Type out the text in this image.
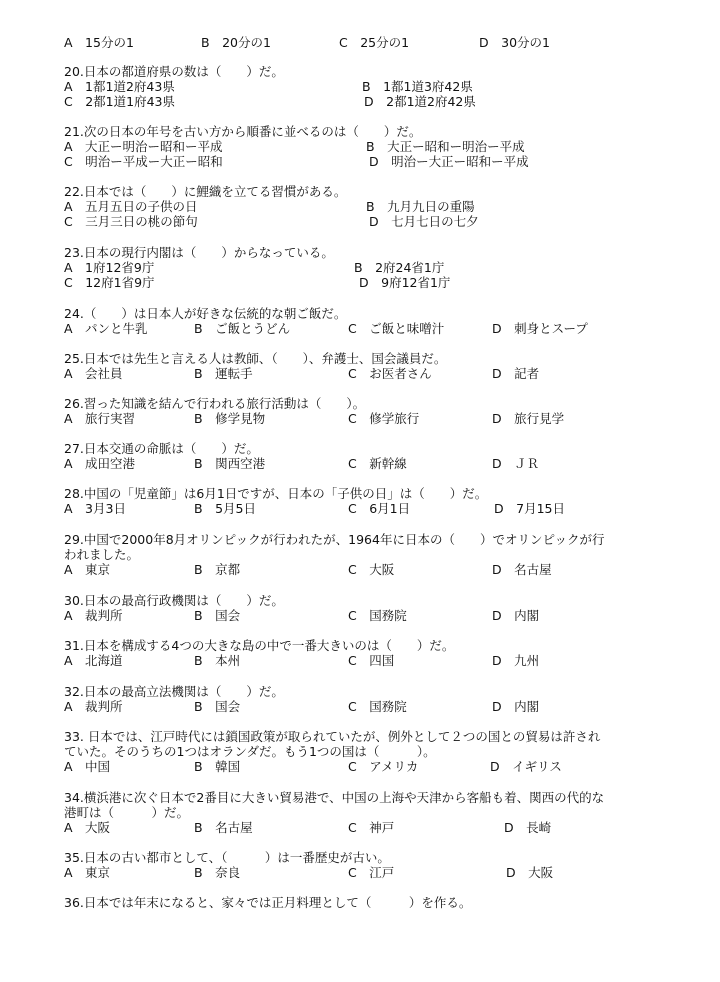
A　15分の1	B　20分の1	C　25分の1	D　30分の1
20.日本の都道府県の数は（　　）だ。
A　1都1道2府43県	B　1都1道3府42県
C　2都1道1府43県	D　2都1道2府42県
21.次の日本の年号を古い方から順番に並べるのは（　　）だ。
A　大正ー明治ー昭和ー平成	B　大正ー昭和ー明治ー平成
C　明治ー平成ー大正ー昭和	D　明治ー大正ー昭和ー平成
22.日本では（　　）に鯉織を立てる習慣がある。
A　五月五日の子供の日	B　九月九日の重陽
C　三月三日の桃の節句	D　七月七日の七夕
23.日本の現行内閣は（　　）からなっている。
A　1府12省9庁	B　2府24省1庁
C　12府1省9庁	D　9府12省1庁
24.（　　）は日本人が好きな伝統的な朝ご飯だ。
A　パンと牛乳	B　ご飯とうどん	C　ご飯と味噌汁	D　刺身とスープ
25.日本では先生と言える人は教師、（　　）、弁護士、国会議員だ。
A　会社員	B　運転手	C　お医者さん	D　記者
26.習った知識を結んで行われる旅行活動は（　　）。
A　旅行実習	B　修学見物	C　修学旅行	D　旅行見学
27.日本交通の命脈は（　　）だ。
A　成田空港	B　関西空港	C　新幹線	D　ＪＲ
28.中国の「児童節」は6月1日ですが、日本の「子供の日」は（　　）だ。
A　3月3日	B　5月5日	C　6月1日	D　7月15日
29.中国で2000年8月オリンピックが行われたが、1964年に日本の（　　）でオリンピックが行われました。
A　東京	B　京都	C　大阪	D　名古屋
30.日本の最高行政機関は（　　）だ。
A　裁判所	B　国会	C　国務院	D　内閣
31.日本を構成する4つの大きな島の中で一番大きいのは（　　）だ。
A　北海道	B　本州	C　四国	D　九州
32.日本の最高立法機関は（　　）だ。
A　裁判所	B　国会	C　国務院	D　内閣
33. 日本では、江戸時代には鎖国政策が取られていたが、例外として２つの国との貿易は許されていた。そのうちの1つはオランダだ。もう1つの国は（　　　）。
A　中国	B　韓国	C　アメリカ	D　イギリス
34.横浜港に次ぐ日本で2番目に大きい貿易港で、中国の上海や天津から客船も着、関西の代的な港町は（　　　）だ。
A　大阪	B　名古屋	C　神戸	D　長崎
35.日本の古い都市として、（　　　）は一番歴史が古い。
A　東京	B　奈良	C　江戸	D　大阪
36.日本では年末になると、家々では正月料理として（　　　）を作る。
